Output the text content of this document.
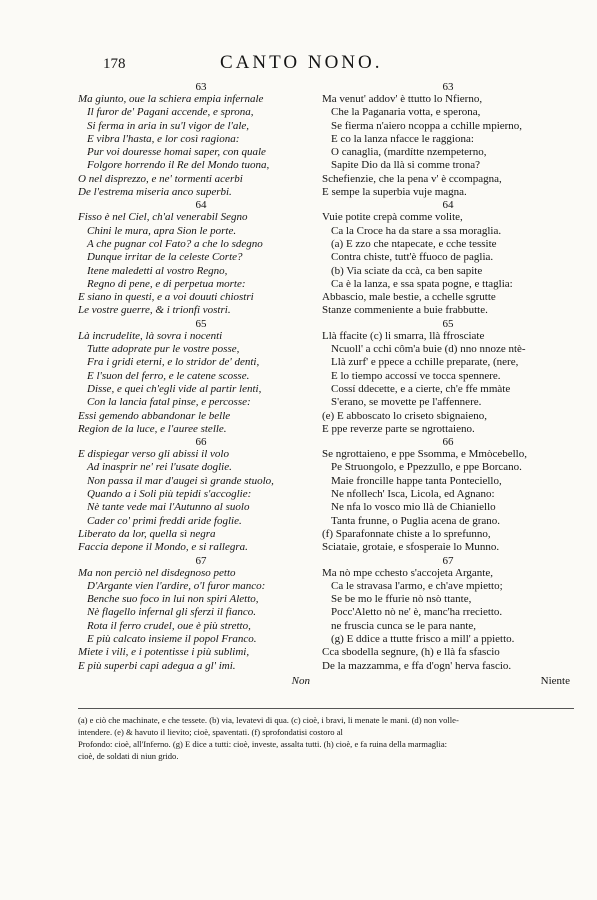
178	CANTO NONO.
63
Ma giunto, oue la schiera empia infernale
Il furor de' Pagani accende, e sprona,
Si ferma in aria in su'l vigor de l'ale,
E vibra l'hasta, e lor così ragiona:
Pur voi douresse homai saper, con quale
Folgore horrendo il Re del Mondo tuona,
O nel disprezzo, e ne' tormenti acerbi
De l'estrema miseria anco superbi.
64
Fisso è nel Ciel, ch'al venerabil Segno
Chini le mura, apra Sion le porte.
A che pugnar col Fato? a che lo sdegno
Dunque irritar de la celeste Corte?
Itene maledetti al vostro Regno,
Regno di pene, e di perpetua morte:
E siano in questi, e a voi douuti chiostri
Le vostre guerre, & i trionfi vostri.
65
Là incrudelite, là sovra i nocenti
Tutte adoprate pur le vostre posse,
Fra i gridi eterni, e lo stridor de' denti,
E l'suon del ferro, e le catene scosse.
Disse, e quei ch'egli vide al partir lenti,
Con la lancia fatal pinse, e percosse:
Essi gemendo abbandonar le belle
Region de la luce, e l'auree stelle.
66
E dispiegar verso gli abissi il volo
Ad inasprir ne' rei l'usate doglie.
Non passa il mar d'augei sì grande stuolo,
Quando a i Soli più tepidi s'accoglie:
Nè tante vede mai l'Autunno al suolo
Cader co' primi freddi aride foglie.
Liberato da lor, quella sì negra
Faccia depone il Mondo, e si rallegra.
67
Ma non perciò nel disdegnoso petto
D'Argante vien l'ardire, o'l furor manco:
Benche suo foco in lui non spiri Aletto,
Nè flagello infernal gli sferzi il fianco.
Rota il ferro crudel, oue è più stretto,
E più calcato insieme il popol Franco.
Miete i vili, e i potentisse i più sublimi,
E più superbi capi adegua a gl' imi.
Non
63
Ma venut' addov' è ttutto lo Nfierno,
Che la Paganaria votta, e sperona,
Se fierma n'aiero ncoppa a cchille mpierno,
E co la lanza nfacce le raggiona:
O canaglia, (mardítte nzempeterno,
Sapite Dio da llà si comme trona?
Schefienzie, che la pena v' è ccompagna,
E sempe la superbia vuje magna.
64
Vuie potite crepà comme volite,
Ca la Croce ha da stare a ssa moraglia.
(a) E zzo che ntapecate, e cche tessite
Contra chiste, tutt'è ffuoco de paglia.
(b) Via sciate da ccà, ca ben sapite
Ca è la lanza, e ssa spata pogne, e ttaglia:
Abbascio, male bestie, a cchelle sgrutte
Stanze commeniente a buie frabbutte.
65
Llà ffacite (c) li smarra, llà ffrosciate
Ncuoll' a cchi côm'a buie (d) nno nnoze ntè-
Llà zurf' e ppece a cchille preparate, (nere,
E lo tiempo accossí ve tocca spennere.
Cossí ddecette, e a cierte, ch'e ffe mmàte
S'erano, se movette pe l'affennere.
(e) E abboscato lo criseto sbignaieno,
E ppe reverze parte se ngrottaieno.
66
Se ngrottaieno, e ppe Ssomma, e Mmòcebello,
Pe Struongolo, e Ppezzullo, e ppe Borcano.
Maie froncille happe tanta Ponteciello,
Ne nfollech' Isca, Licola, ed Agnano:
Ne nfa lo vosco mio llà de Chianiello
Tanta frunne, o Puglia acena de grano.
(f) Sparafonnate chiste a lo sprefunno,
Sciataie, grotaie, e sfosperaie lo Munno.
67
Ma nò mpe cchesto s'accojeta Argante,
Ca le stravasa l'armo, e ch'ave mpietto;
Se be mo le ffurie nò nsò ttante,
Pocc'Aletto nò ne' è, manc'ha rrecietto.
ne fruscia cunca se le para nante,
(g) E ddice a ttutte frisco a mill' a ppietto.
Cca sbodella segnure, (h) e llà fa sfascio
De la mazzamma, e ffa d'ogn' herva fascio.
Niente
(a) e ciò che machinate, e che tessete. (b) via, levatevi di qua. (c) cioè, i bravi, li menate le mani. (d) non volle-
intendere. (e) & havuto il lievito; cioè, spaventati. (f) sprofondatisi costoro al
Profondo: cioè, all'Inferno. (g) E dice a tutti: cioè, investe, assalta tutti. (h) cioè, e fa ruina della marmaglia:
cioè, de soldati di niun grido.
